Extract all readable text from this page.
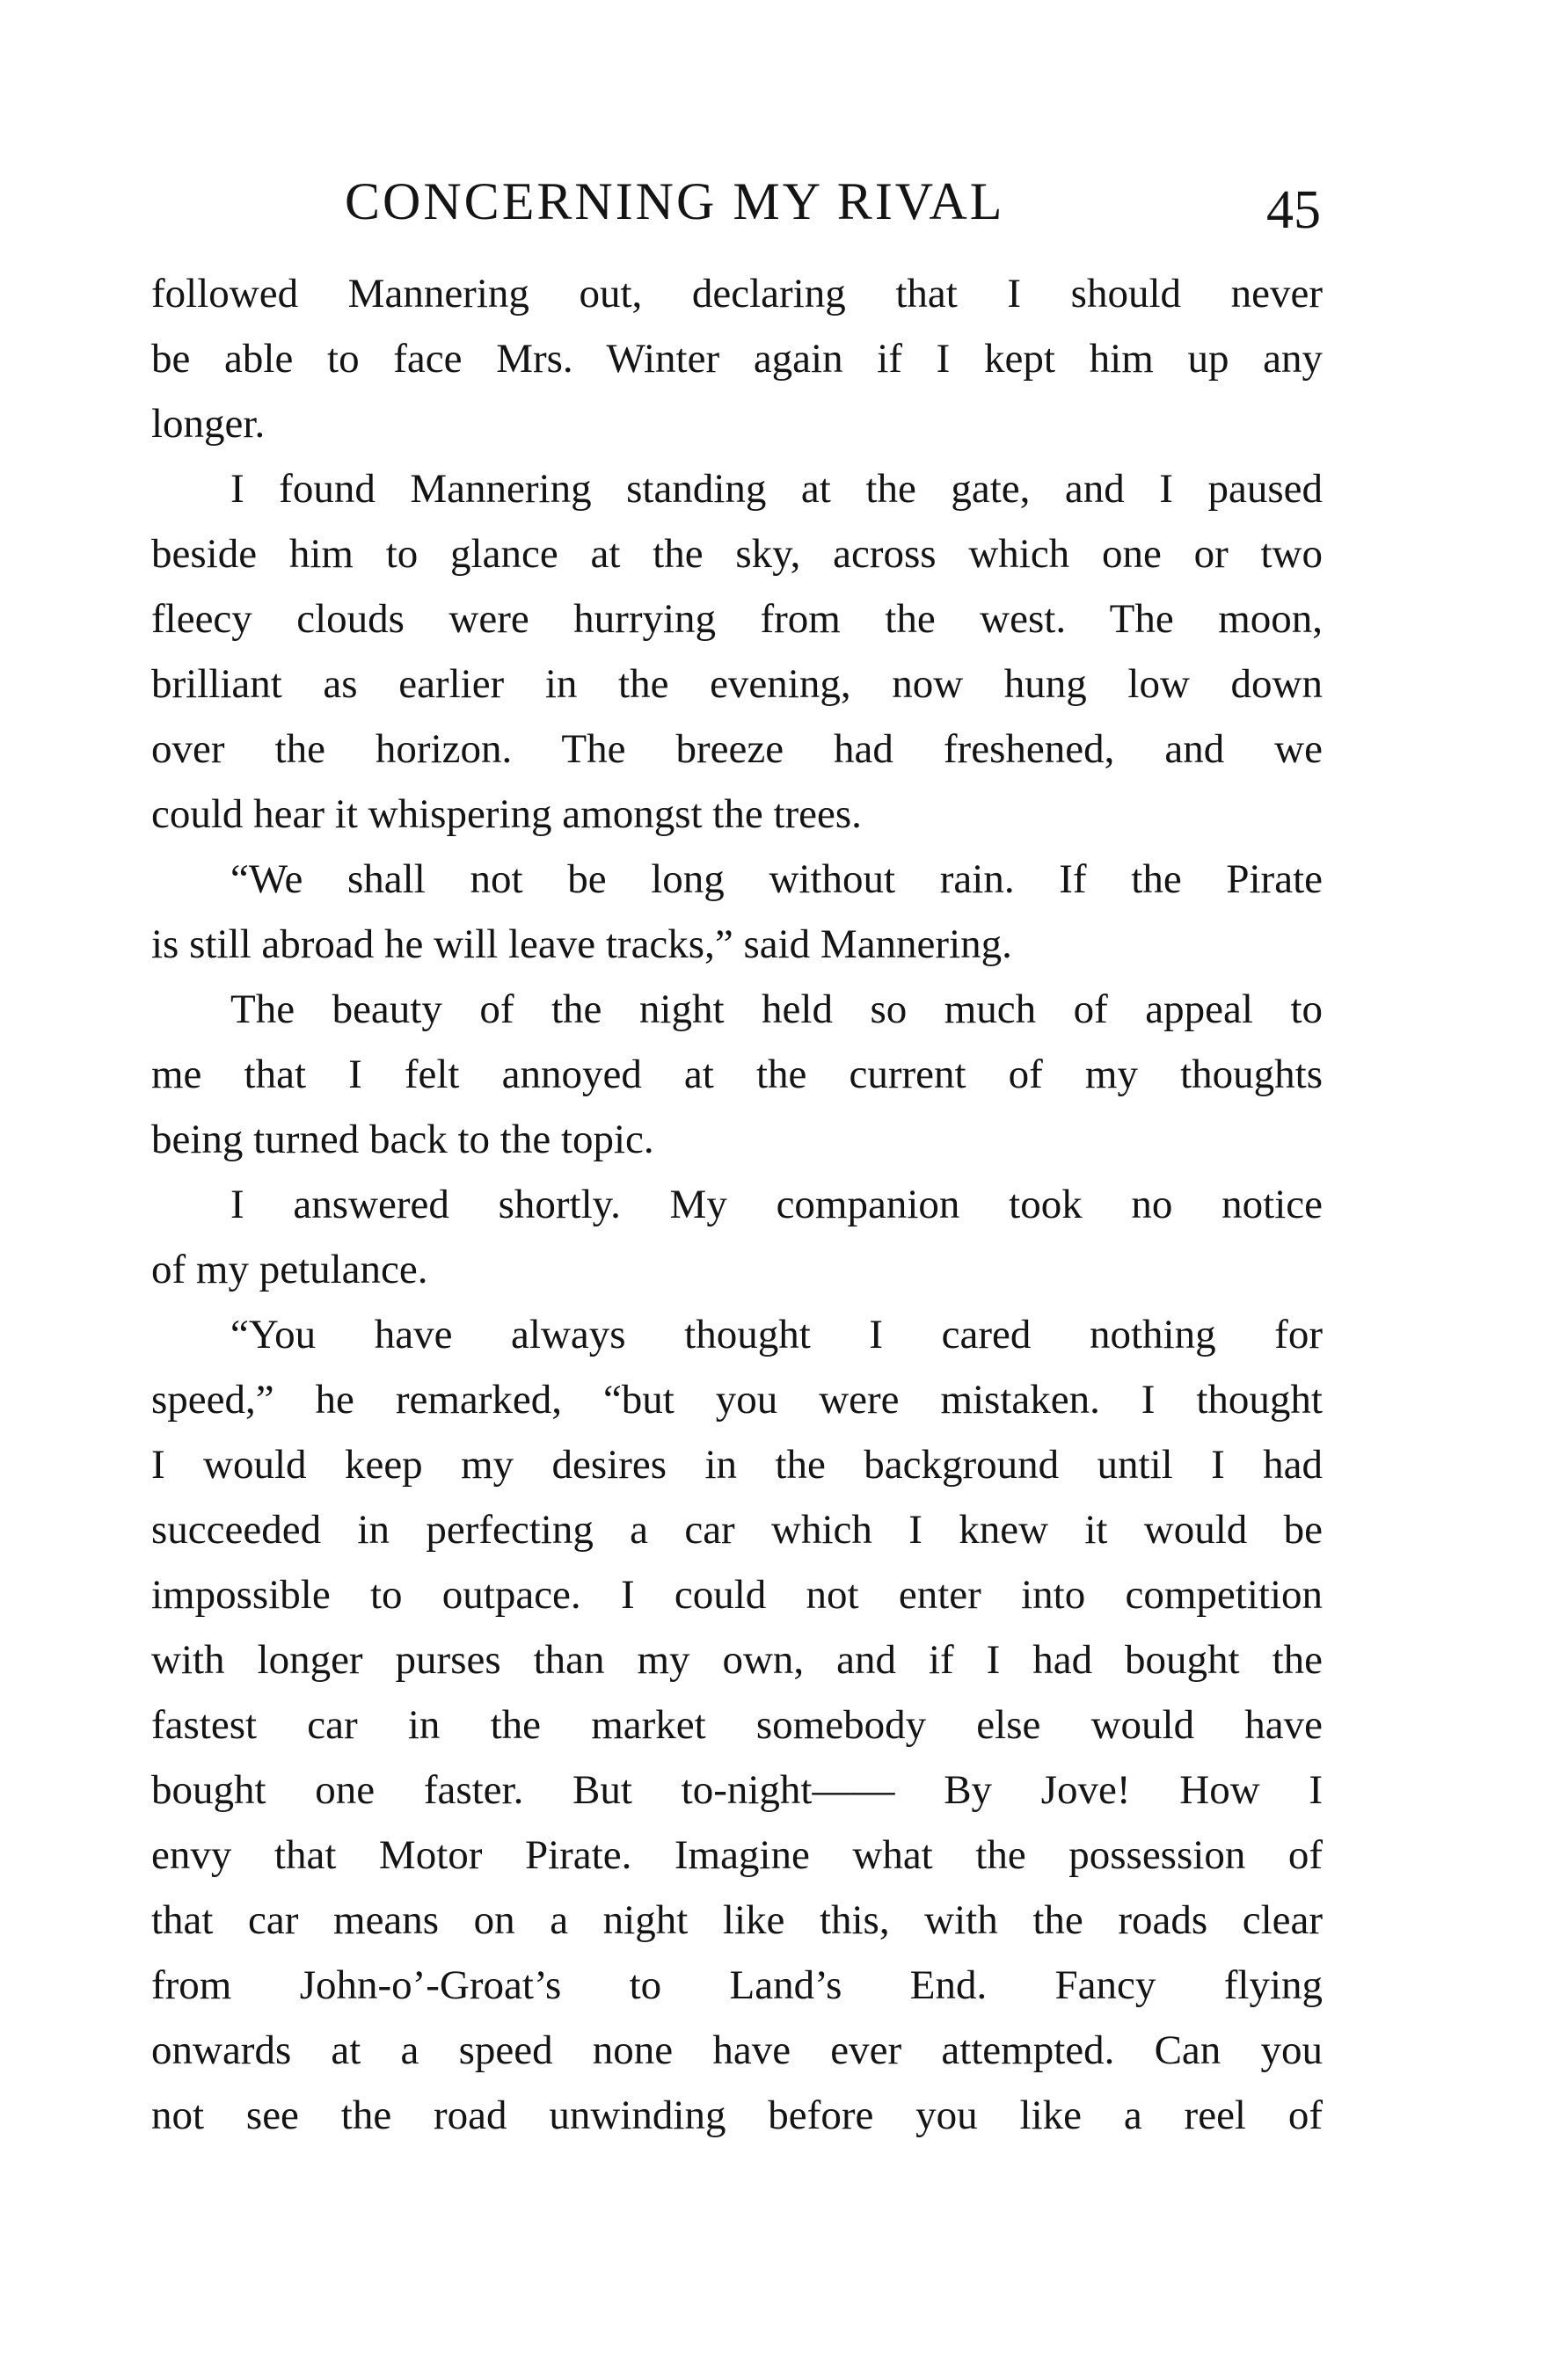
CONCERNING MY RIVAL	45
followed Mannering out, declaring that I should never
be able to face Mrs. Winter again if I kept him up any
longer.
I found Mannering standing at the gate, and I paused
beside him to glance at the sky, across which one or two
fleecy clouds were hurrying from the west. The moon,
brilliant as earlier in the evening, now hung low down
over the horizon. The breeze had freshened, and we
could hear it whispering amongst the trees.
“We shall not be long without rain. If the Pirate
is still abroad he will leave tracks,” said Mannering.
The beauty of the night held so much of appeal to
me that I felt annoyed at the current of my thoughts
being turned back to the topic.
I answered shortly. My companion took no notice
of my petulance.
“You have always thought I cared nothing for
speed,” he remarked, “but you were mistaken. I thought
I would keep my desires in the background until I had
succeeded in perfecting a car which I knew it would be
impossible to outpace. I could not enter into competition
with longer purses than my own, and if I had bought the
fastest car in the market somebody else would have
bought one faster. But to-night—— By Jove! How I
envy that Motor Pirate. Imagine what the possession of
that car means on a night like this, with the roads clear
from John-o’-Groat’s to Land’s End. Fancy flying
onwards at a speed none have ever attempted. Can you
not see the road unwinding before you like a reel of
